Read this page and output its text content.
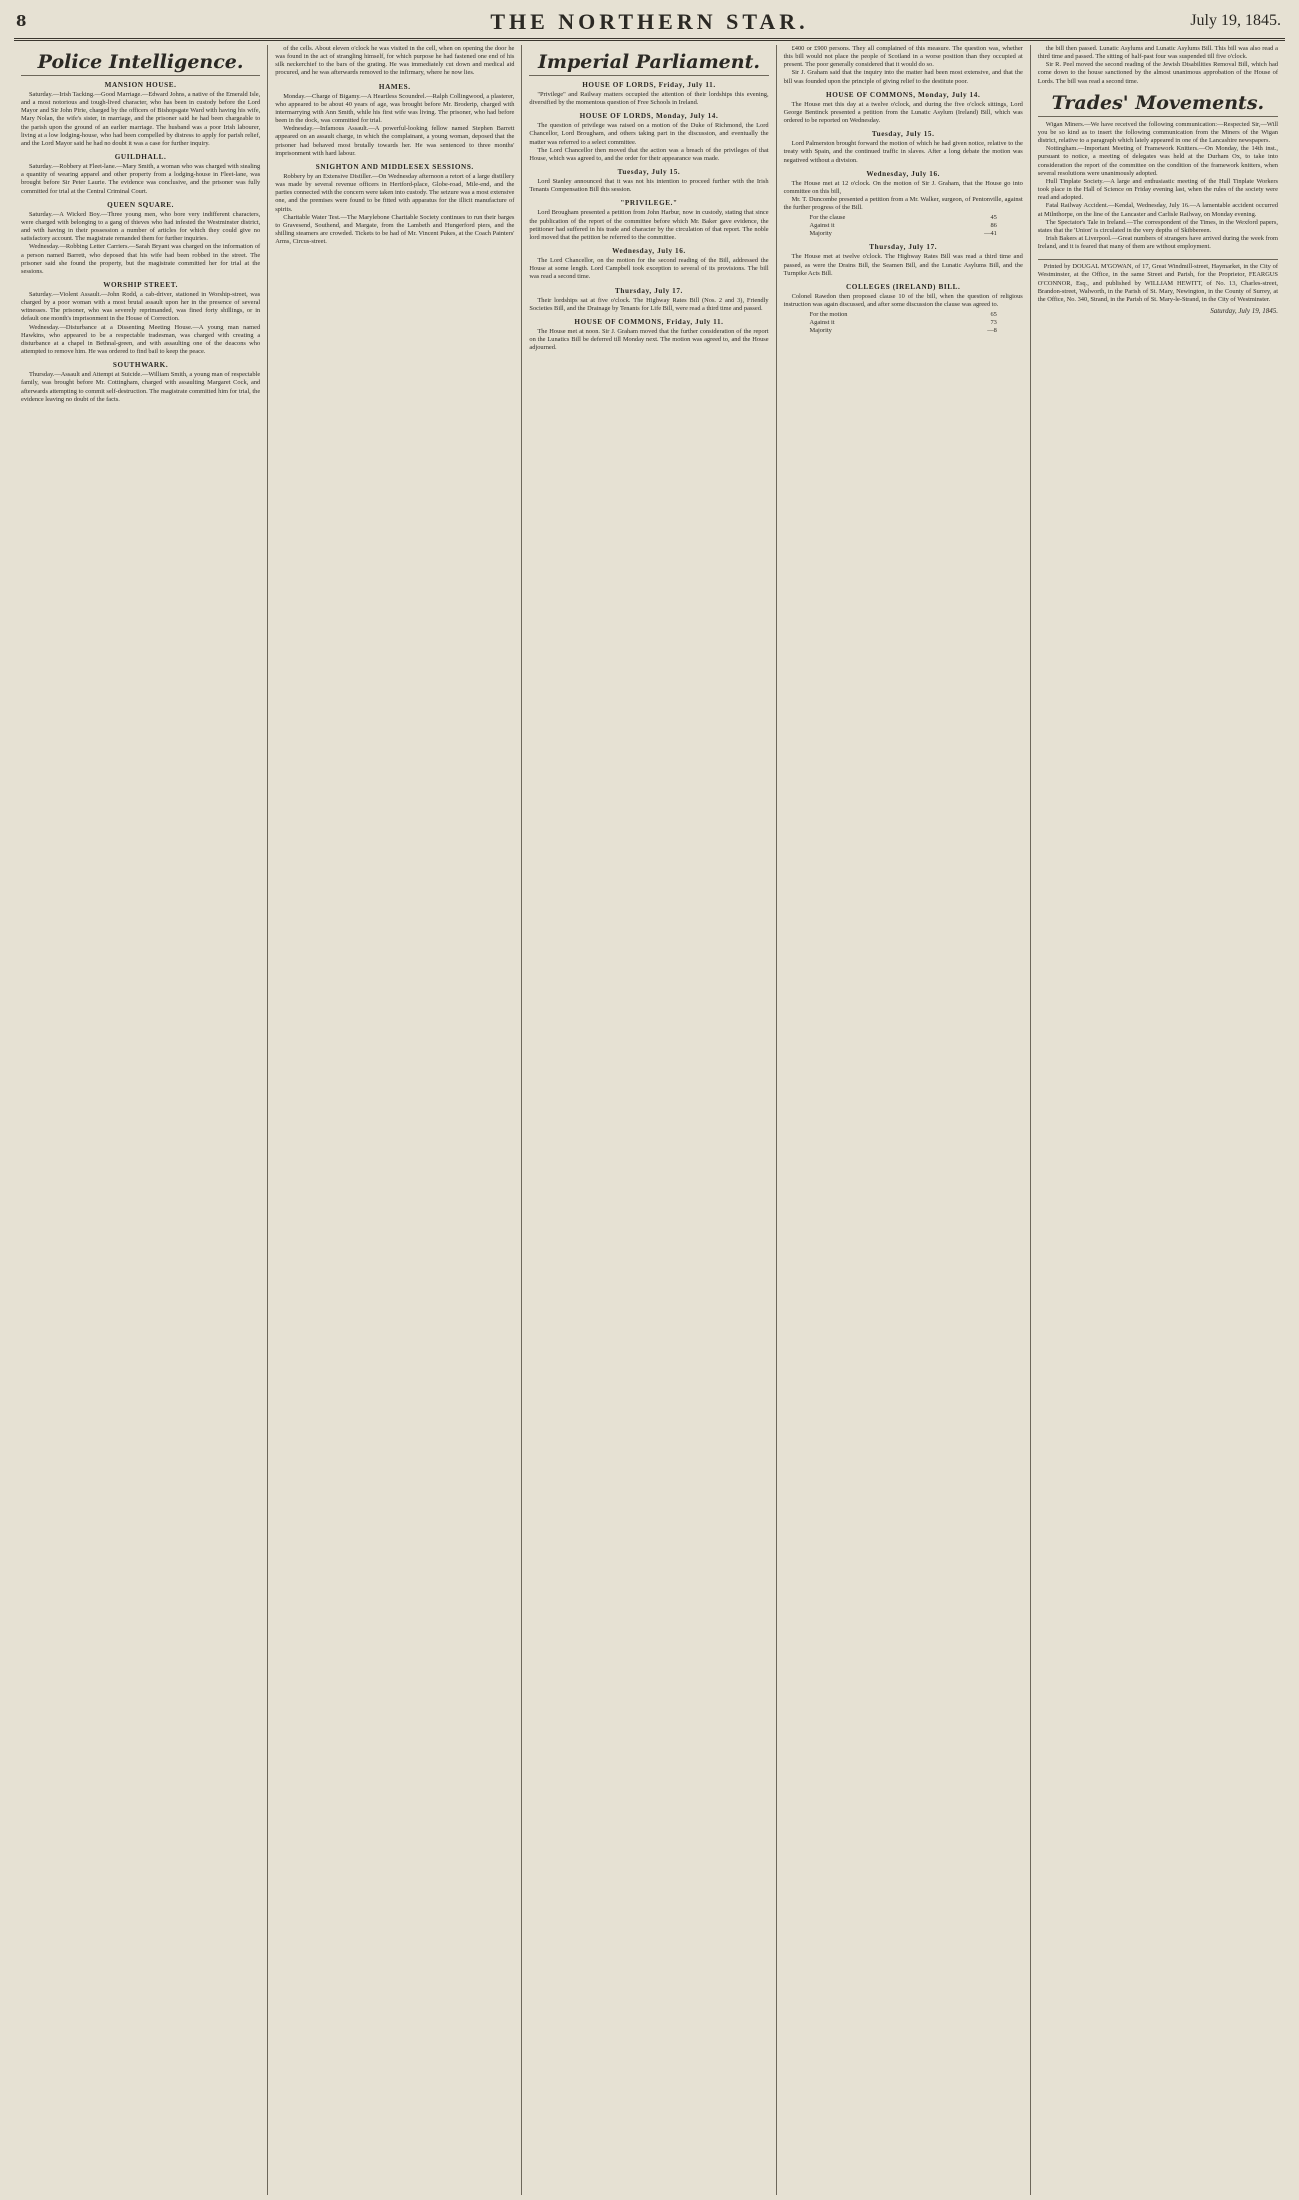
8	THE NORTHERN STAR.	July 19, 1845.
Police Intelligence.
MANSION HOUSE.

Saturday.—Irish Tacking.—Good Marriage.—Edward Johns, a native of the Emerald Isle, and a most notorious and tough-lived character, who has been in custody before the Lord Mayor and Sir John Pirie, charged by the officers of Bishopsgate Ward with having his wife, Mary Nolan, the wife's sister, in marriage, and the prisoner said he had been chargeable to the parish upon the ground of an earlier marriage. The husband was a poor Irish labourer, living at a low lodging-house, who had been compelled by distress to apply for parish relief, and the Lord Mayor said he had no doubt it was a case for further inquiry.

GUILDHALL.

Saturday.—Robbery at Fleet-lane.—Mary Smith, a woman who was charged with stealing a quantity of wearing apparel and other property from a lodging-house in Fleet-lane, was brought before Sir Peter Laurie. The evidence was conclusive, and the prisoner was fully committed for trial at the Central Criminal Court.

QUEEN SQUARE.

Saturday.—A Wicked Boy.—Three young men, who bore very indifferent characters, were charged with belonging to a gang of thieves who had infested the Westminster district, and with having in their possession a number of articles for which they could give no satisfactory account. The magistrate remanded them for further inquiries.

Wednesday.—Robbing Letter Carriers.—Sarah Bryant was charged on the information of a person named Barrett, who deposed that his wife had been robbed in the street. The prisoner said she found the property, but the magistrate committed her for trial at the sessions.

WORSHIP STREET.

Saturday.—Violent Assault.—John Rodd, a cab-driver, stationed in Worship-street, was charged by a poor woman with a most brutal assault upon her in the presence of several witnesses. The prisoner, who was severely reprimanded, was fined forty shillings, or in default one month's imprisonment in the House of Correction.

Wednesday.—Disturbance at a Dissenting Meeting House.—A young man named Hawkins, who appeared to be a respectable tradesman, was charged with creating a disturbance at a chapel in Bethnal-green, and with assaulting one of the deacons who attempted to remove him. He was ordered to find bail to keep the peace.

SOUTHWARK.

Thursday.—Assault and Attempt at Suicide.—William Smith, a young man of respectable family, was brought before Mr. Cottingham, charged with assaulting Margaret Cock, and afterwards attempting to commit self-destruction. The magistrate committed him for trial, the evidence leaving no doubt of the facts.

of the cells. About eleven o'clock he was visited in the cell, when on opening the door he was found in the act of strangling himself, for which purpose he had fastened one end of his silk neckerchief to the bars of the grating. He was immediately cut down and medical aid procured, and he was afterwards removed to the infirmary, where he now lies.

HAMES.

Monday.—Charge of Bigamy.—A Heartless Scoundrel.—Ralph Collingwood, a plasterer, who appeared to be about 40 years of age, was brought before Mr. Broderip, charged with intermarrying with Ann Smith, while his first wife was living. The prisoner, who had before been in the dock, was committed for trial.

Wednesday.—Infamous Assault.—A powerful-looking fellow named Stephen Barrett appeared on an assault charge, in which the complainant, a young woman, deposed that the prisoner had behaved most brutally towards her. He was sentenced to three months' imprisonment with hard labour.

SNIGHTON AND MIDDLESEX SESSIONS.

Robbery by an Extensive Distiller.—On Wednesday afternoon a retort of a large distillery was made by several revenue officers in Hertford-place, Globe-road, Mile-end, and the parties connected with the concern were taken into custody. The seizure was a most extensive one, and the premises were found to be fitted with apparatus for the illicit manufacture of spirits.

Charitable Water Test.—The Marylebone Charitable Society continues to run their barges to Gravesend, Southend, and Margate, from the Lambeth and Hungerford piers, and the shilling steamers are crowded. Tickets to be had of Mr. Vincent Pukes, at the Coach Painters' Arms, Circus-street.

Imperial Parliament.
HOUSE OF LORDS, Friday, July 11.

"Privilege" and Railway matters occupied the attention of their lordships this evening, diversified by the momentous question of Free Schools in Ireland.

HOUSE OF LORDS, Monday, July 14.

The question of privilege was raised on a motion of the Duke of Richmond, the Lord Chancellor, Lord Brougham, and others taking part in the discussion, and eventually the matter was referred to a select committee.

The Lord Chancellor then moved that the action was a breach of the privileges of that House, which was agreed to, and the order for their appearance was made.

Tuesday, July 15.

Lord Stanley announced that it was not his intention to proceed further with the Irish Tenants Compensation Bill this session.

"PRIVILEGE."

Lord Brougham presented a petition from John Harbur, now in custody, stating that since the publication of the report of the committee before which Mr. Baker gave evidence, the petitioner had suffered in his trade and character by the circulation of that report. The noble lord moved that the petition be referred to the committee.

Wednesday, July 16.

The Lord Chancellor, on the motion for the second reading of the Bill, addressed the House at some length. Lord Campbell took exception to several of its provisions. The bill was read a second time.

Thursday, July 17.

Their lordships sat at five o'clock. The Highway Rates Bill (Nos. 2 and 3), Friendly Societies Bill, and the Drainage by Tenants for Life Bill, were read a third time and passed.

HOUSE OF COMMONS, Friday, July 11.

The House met at noon. Sir J. Graham moved that the further consideration of the report on the Lunatics Bill be deferred till Monday next. The motion was agreed to, and the House adjourned.

£400 or £900 persons. They all complained of this measure. The question was, whether this bill would not place the people of Scotland in a worse position than they occupied at present. The poor generally considered that it would do so.

Sir J. Graham said that the inquiry into the matter had been most extensive, and that the bill was founded upon the principle of giving relief to the destitute poor.

HOUSE OF COMMONS, Monday, July 14.

The House met this day at a twelve o'clock, and during the five o'clock sittings, Lord George Bentinck presented a petition from the Lunatic Asylum (Ireland) Bill, which was ordered to be reported on Wednesday.

Tuesday, July 15.

Lord Palmerston brought forward the motion of which he had given notice, relative to the treaty with Spain, and the continued traffic in slaves. After a long debate the motion was negatived without a division.

Wednesday, July 16.

The House met at 12 o'clock. On the motion of Sir J. Graham, that the House go into committee on this bill,

Mr. T. Duncombe presented a petition from a Mr. Walker, surgeon, of Pentonville, against the further progress of the Bill.

For the clause	45
Against it	86
Majority	—41
Thursday, July 17.

The House met at twelve o'clock. The Highway Rates Bill was read a third time and passed, as were the Drains Bill, the Seamen Bill, and the Lunatic Asylums Bill, and the Turnpike Acts Bill.

COLLEGES (IRELAND) BILL.

Colonel Rawdon then proposed clause 10 of the bill, when the question of religious instruction was again discussed, and after some discussion the clause was agreed to.

For the motion	65
Against it	73
Majority	—8

the bill then passed. Lunatic Asylums and Lunatic Asylums Bill. This bill was also read a third time and passed. The sitting of half-past four was suspended till five o'clock.

Sir R. Peel moved the second reading of the Jewish Disabilities Removal Bill, which had come down to the house sanctioned by the almost unanimous approbation of the House of Lords. The bill was read a second time.

Trades' Movements.

Wigan Miners.—We have received the following communication:—Respected Sir,—Will you be so kind as to insert the following communication from the Miners of the Wigan district, relative to a paragraph which lately appeared in one of the Lancashire newspapers.

Nottingham.—Important Meeting of Framework Knitters.—On Monday, the 14th inst., pursuant to notice, a meeting of delegates was held at the Durham Ox, to take into consideration the report of the committee on the condition of the framework knitters, when several resolutions were unanimously adopted.

Hull Tinplate Society.—A large and enthusiastic meeting of the Hull Tinplate Workers took place in the Hall of Science on Friday evening last, when the rules of the society were read and adopted.

Fatal Railway Accident.—Kendal, Wednesday, July 16.—A lamentable accident occurred at Milnthorpe, on the line of the Lancaster and Carlisle Railway, on Monday evening.

The Spectator's Tale in Ireland.—The correspondent of the Times, in the Wexford papers, states that the 'Union' is circulated in the very depths of Skibbereen.

Irish Bakers at Liverpool.—Great numbers of strangers have arrived during the week from Ireland, and it is feared that many of them are without employment.

Printed by DOUGAL M'GOWAN, of 17, Great Windmill-street, Haymarket, in the City of Westminster, at the Office, in the same Street and Parish, for the Proprietor, FEARGUS O'CONNOR, Esq., and published by WILLIAM HEWITT, of No. 13, Charles-street, Brandon-street, Walworth, in the Parish of St. Mary, Newington, in the County of Surrey, at the Office, No. 340, Strand, in the Parish of St. Mary-le-Strand, in the City of Westminster.

Saturday, July 19, 1845.
